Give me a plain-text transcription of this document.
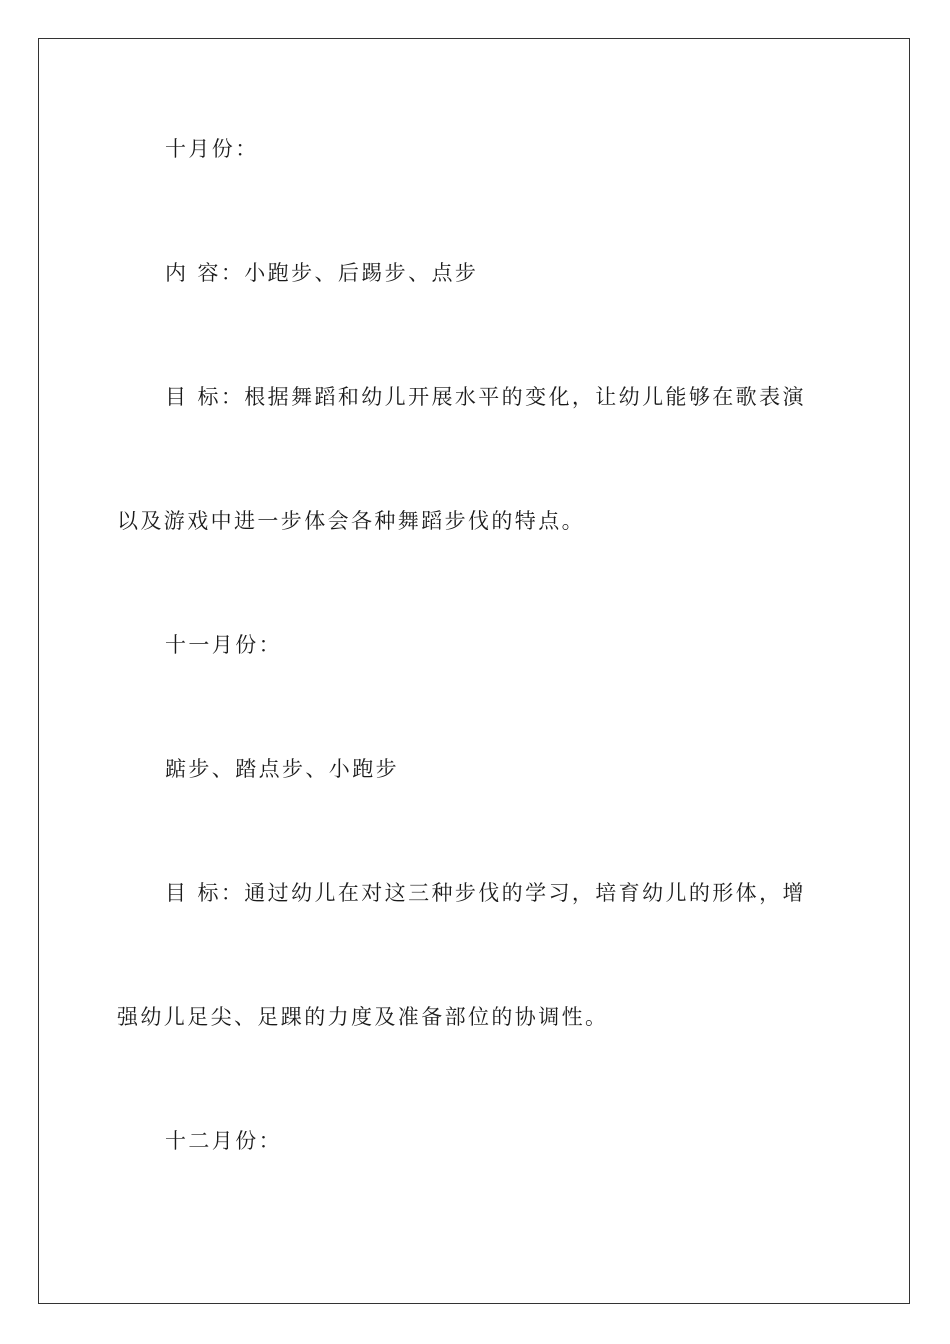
十月份：
内 容：小跑步、后踢步、点步
目 标：根据舞蹈和幼儿开展水平的变化，让幼儿能够在歌表演
以及游戏中进一步体会各种舞蹈步伐的特点。
十一月份：
踮步、踏点步、小跑步
目 标：通过幼儿在对这三种步伐的学习，培育幼儿的形体，增
强幼儿足尖、足踝的力度及准备部位的协调性。
十二月份：
